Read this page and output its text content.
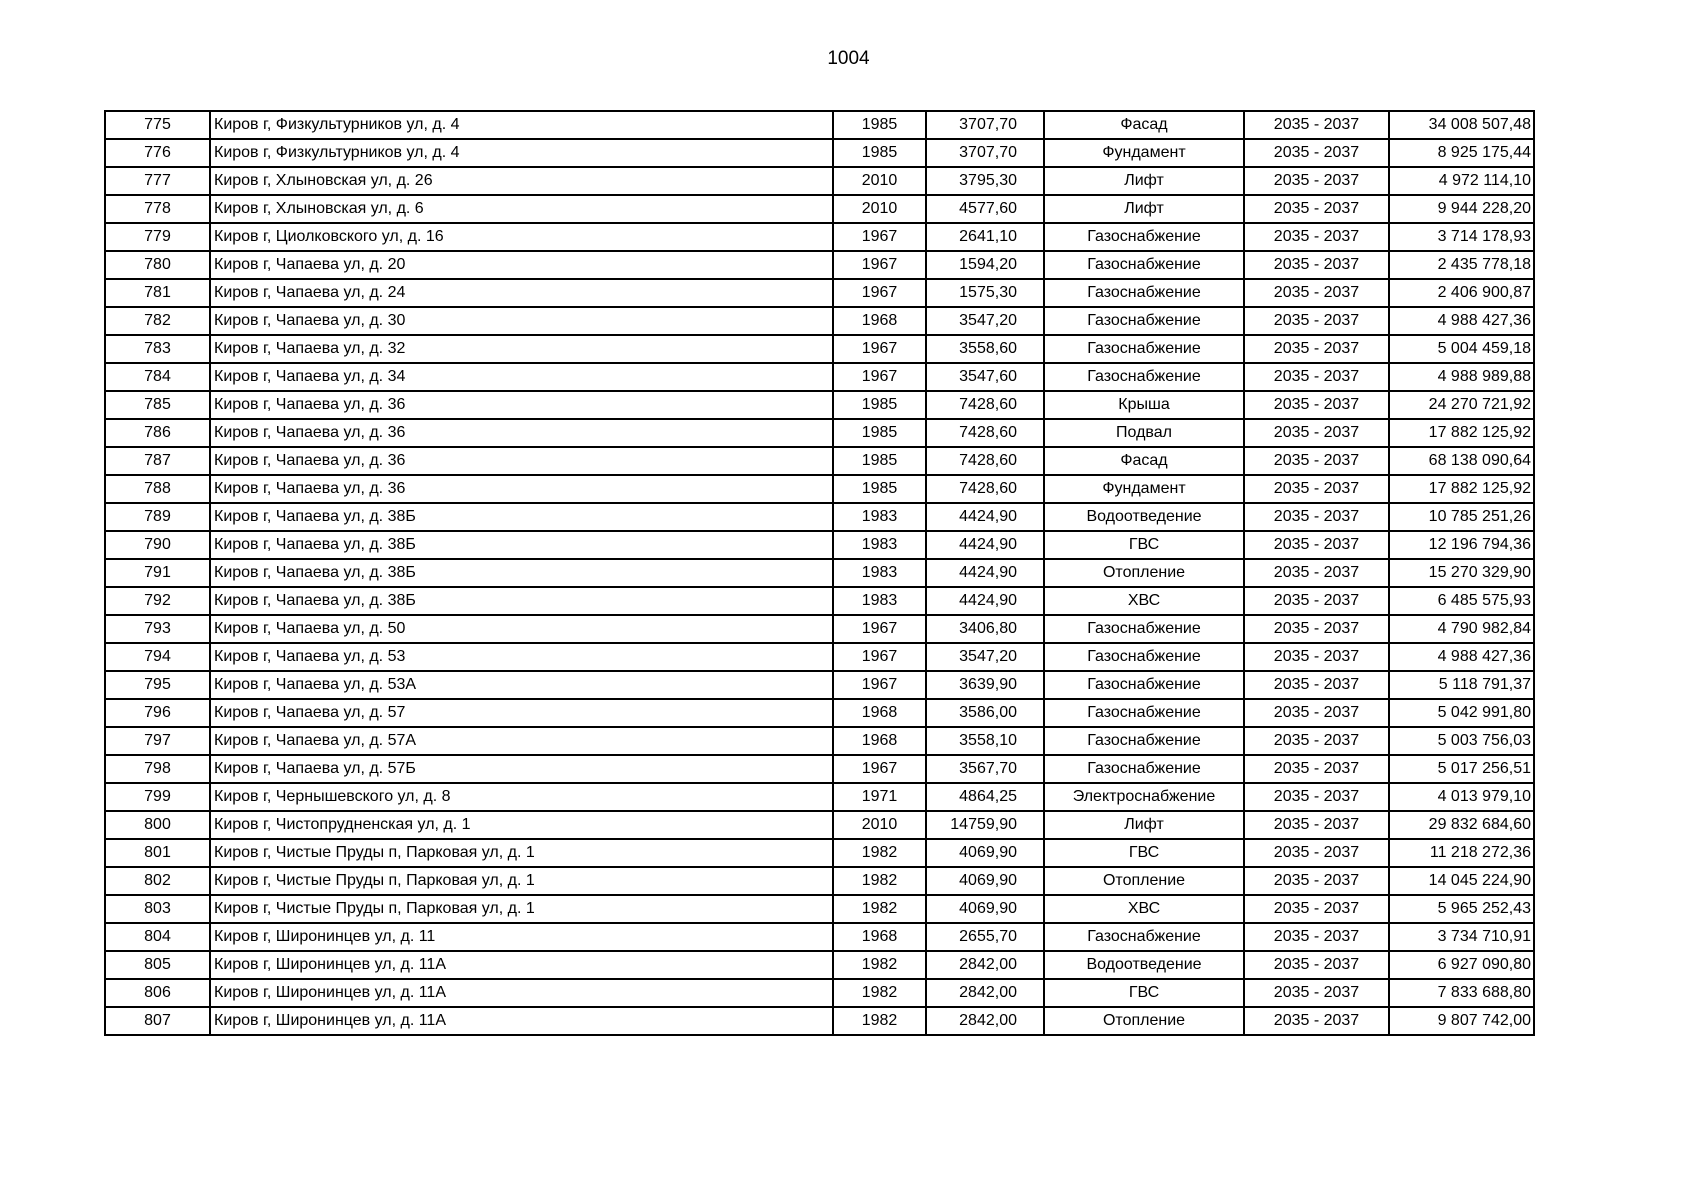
1004
775	Киров г, Физкультурников ул, д. 4	1985	3707,70	Фасад	2035 - 2037	34 008 507,48
776	Киров г, Физкультурников ул, д. 4	1985	3707,70	Фундамент	2035 - 2037	8 925 175,44
777	Киров г, Хлыновская ул, д. 26	2010	3795,30	Лифт	2035 - 2037	4 972 114,10
778	Киров г, Хлыновская ул, д. 6	2010	4577,60	Лифт	2035 - 2037	9 944 228,20
779	Киров г, Циолковского ул, д. 16	1967	2641,10	Газоснабжение	2035 - 2037	3 714 178,93
780	Киров г, Чапаева ул, д. 20	1967	1594,20	Газоснабжение	2035 - 2037	2 435 778,18
781	Киров г, Чапаева ул, д. 24	1967	1575,30	Газоснабжение	2035 - 2037	2 406 900,87
782	Киров г, Чапаева ул, д. 30	1968	3547,20	Газоснабжение	2035 - 2037	4 988 427,36
783	Киров г, Чапаева ул, д. 32	1967	3558,60	Газоснабжение	2035 - 2037	5 004 459,18
784	Киров г, Чапаева ул, д. 34	1967	3547,60	Газоснабжение	2035 - 2037	4 988 989,88
785	Киров г, Чапаева ул, д. 36	1985	7428,60	Крыша	2035 - 2037	24 270 721,92
786	Киров г, Чапаева ул, д. 36	1985	7428,60	Подвал	2035 - 2037	17 882 125,92
787	Киров г, Чапаева ул, д. 36	1985	7428,60	Фасад	2035 - 2037	68 138 090,64
788	Киров г, Чапаева ул, д. 36	1985	7428,60	Фундамент	2035 - 2037	17 882 125,92
789	Киров г, Чапаева ул, д. 38Б	1983	4424,90	Водоотведение	2035 - 2037	10 785 251,26
790	Киров г, Чапаева ул, д. 38Б	1983	4424,90	ГВС	2035 - 2037	12 196 794,36
791	Киров г, Чапаева ул, д. 38Б	1983	4424,90	Отопление	2035 - 2037	15 270 329,90
792	Киров г, Чапаева ул, д. 38Б	1983	4424,90	ХВС	2035 - 2037	6 485 575,93
793	Киров г, Чапаева ул, д. 50	1967	3406,80	Газоснабжение	2035 - 2037	4 790 982,84
794	Киров г, Чапаева ул, д. 53	1967	3547,20	Газоснабжение	2035 - 2037	4 988 427,36
795	Киров г, Чапаева ул, д. 53А	1967	3639,90	Газоснабжение	2035 - 2037	5 118 791,37
796	Киров г, Чапаева ул, д. 57	1968	3586,00	Газоснабжение	2035 - 2037	5 042 991,80
797	Киров г, Чапаева ул, д. 57А	1968	3558,10	Газоснабжение	2035 - 2037	5 003 756,03
798	Киров г, Чапаева ул, д. 57Б	1967	3567,70	Газоснабжение	2035 - 2037	5 017 256,51
799	Киров г, Чернышевского ул, д. 8	1971	4864,25	Электроснабжение	2035 - 2037	4 013 979,10
800	Киров г, Чистопрудненская ул, д. 1	2010	14759,90	Лифт	2035 - 2037	29 832 684,60
801	Киров г, Чистые Пруды п, Парковая ул, д. 1	1982	4069,90	ГВС	2035 - 2037	11 218 272,36
802	Киров г, Чистые Пруды п, Парковая ул, д. 1	1982	4069,90	Отопление	2035 - 2037	14 045 224,90
803	Киров г, Чистые Пруды п, Парковая ул, д. 1	1982	4069,90	ХВС	2035 - 2037	5 965 252,43
804	Киров г, Широнинцев ул, д. 11	1968	2655,70	Газоснабжение	2035 - 2037	3 734 710,91
805	Киров г, Широнинцев ул, д. 11А	1982	2842,00	Водоотведение	2035 - 2037	6 927 090,80
806	Киров г, Широнинцев ул, д. 11А	1982	2842,00	ГВС	2035 - 2037	7 833 688,80
807	Киров г, Широнинцев ул, д. 11А	1982	2842,00	Отопление	2035 - 2037	9 807 742,00
